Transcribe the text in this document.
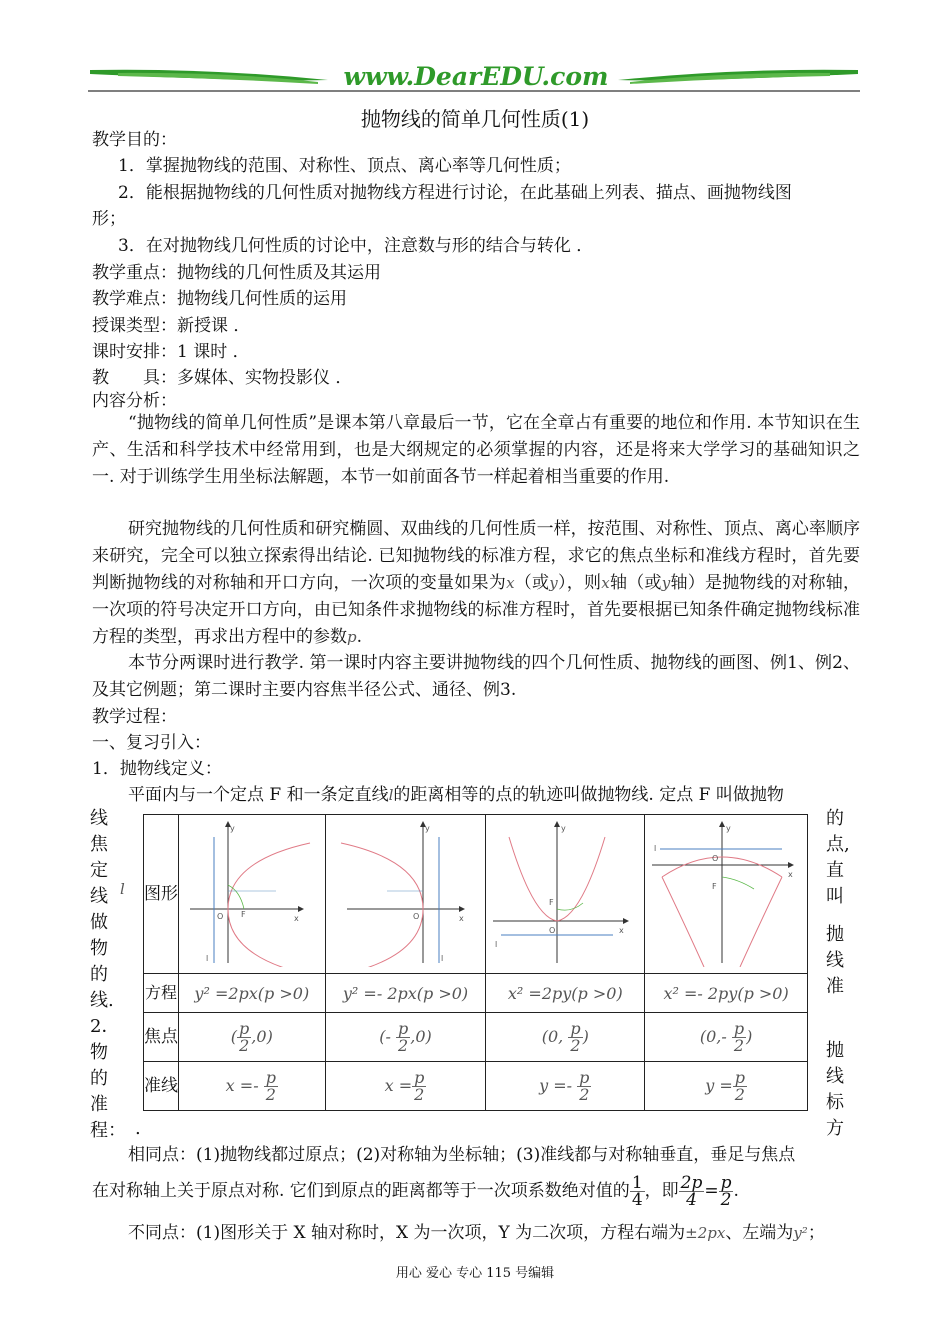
www.DearEDU.com
抛物线的简单几何性质(1)
教学目的：
1．掌握抛物线的范围、对称性、顶点、离心率等几何性质；
2．能根据抛物线的几何性质对抛物线方程进行讨论，在此基础上列表、描点、画抛物线图
形；
3．在对抛物线几何性质的讨论中，注意数与形的结合与转化 ．
教学重点：抛物线的几何性质及其运用
教学难点：抛物线几何性质的运用
授课类型：新授课 ．
课时安排：1 课时 ．
教　　具：多媒体、实物投影仪 ．
内容分析：
“抛物线的简单几何性质”是课本第八章最后一节，它在全章占有重要的地位和作用. 本节知识在生产、生活和科学技术中经常用到，也是大纲规定的必须掌握的内容，还是将来大学学习的基础知识之一. 对于训练学生用坐标法解题，本节一如前面各节一样起着相当重要的作用.
研究抛物线的几何性质和研究椭圆、双曲线的几何性质一样，按范围、对称性、顶点、离心率顺序来研究，完全可以独立探索得出结论. 已知抛物线的标准方程，求它的焦点坐标和准线方程时，首先要判断抛物线的对称轴和开口方向，一次项的变量如果为x（或y），则x轴（或y轴）是抛物线的对称轴，一次项的符号决定开口方向，由已知条件求抛物线的标准方程时，首先要根据已知条件确定抛物线标准方程的类型，再求出方程中的参数p.
本节分两课时进行教学. 第一课时内容主要讲抛物线的四个几何性质、抛物线的画图、例1、例2、及其它例题；第二课时主要内容焦半径公式、通径、例3.
教学过程：
一、复习引入：
1．抛物线定义：
平面内与一个定点 F 和一条定直线l的距离相等的点的轨迹叫做抛物线. 定点 F 叫做抛物
线
焦
定
线
做
物
的
线.
2．
物
的
准
程：
l
.
的
点,
直
叫
抛
线
准
抛
线
标
方
图形	y
x
O F
l	y
x
O
l	y
x
O
F
l	y
x
O
F
l

方程	y² =2px(p >0)	y² =- 2px(p >0)	x² =2py(p >0)	x² =- 2py(p >0)
焦点	( $\frac{p}{2} ,0$)	(- $\frac{p}{2} ,0$)	(0, $\frac{p}{2}$ )	($0,- \frac{p}{2}$ )
准线	$x =- \frac{p}{2}$	$x = \frac{p}{2}$	$y =- \frac{p}{2}$	$y = \frac{p}{2}$
相同点：(1)抛物线都过原点；(2)对称轴为坐标轴；(3)准线都与对称轴垂直，垂足与焦点
在对称轴上关于原点对称. 它们到原点的距离都等于一次项系数绝对值的 $\frac{1}{4}$ ，即 $\frac{2p}{4} = \frac{p}{2}$ .
不同点：(1)图形关于 X 轴对称时，X 为一次项，Y 为二次项，方程右端为±2px、左端为y²；
用心 爱心 专心 115 号编辑
